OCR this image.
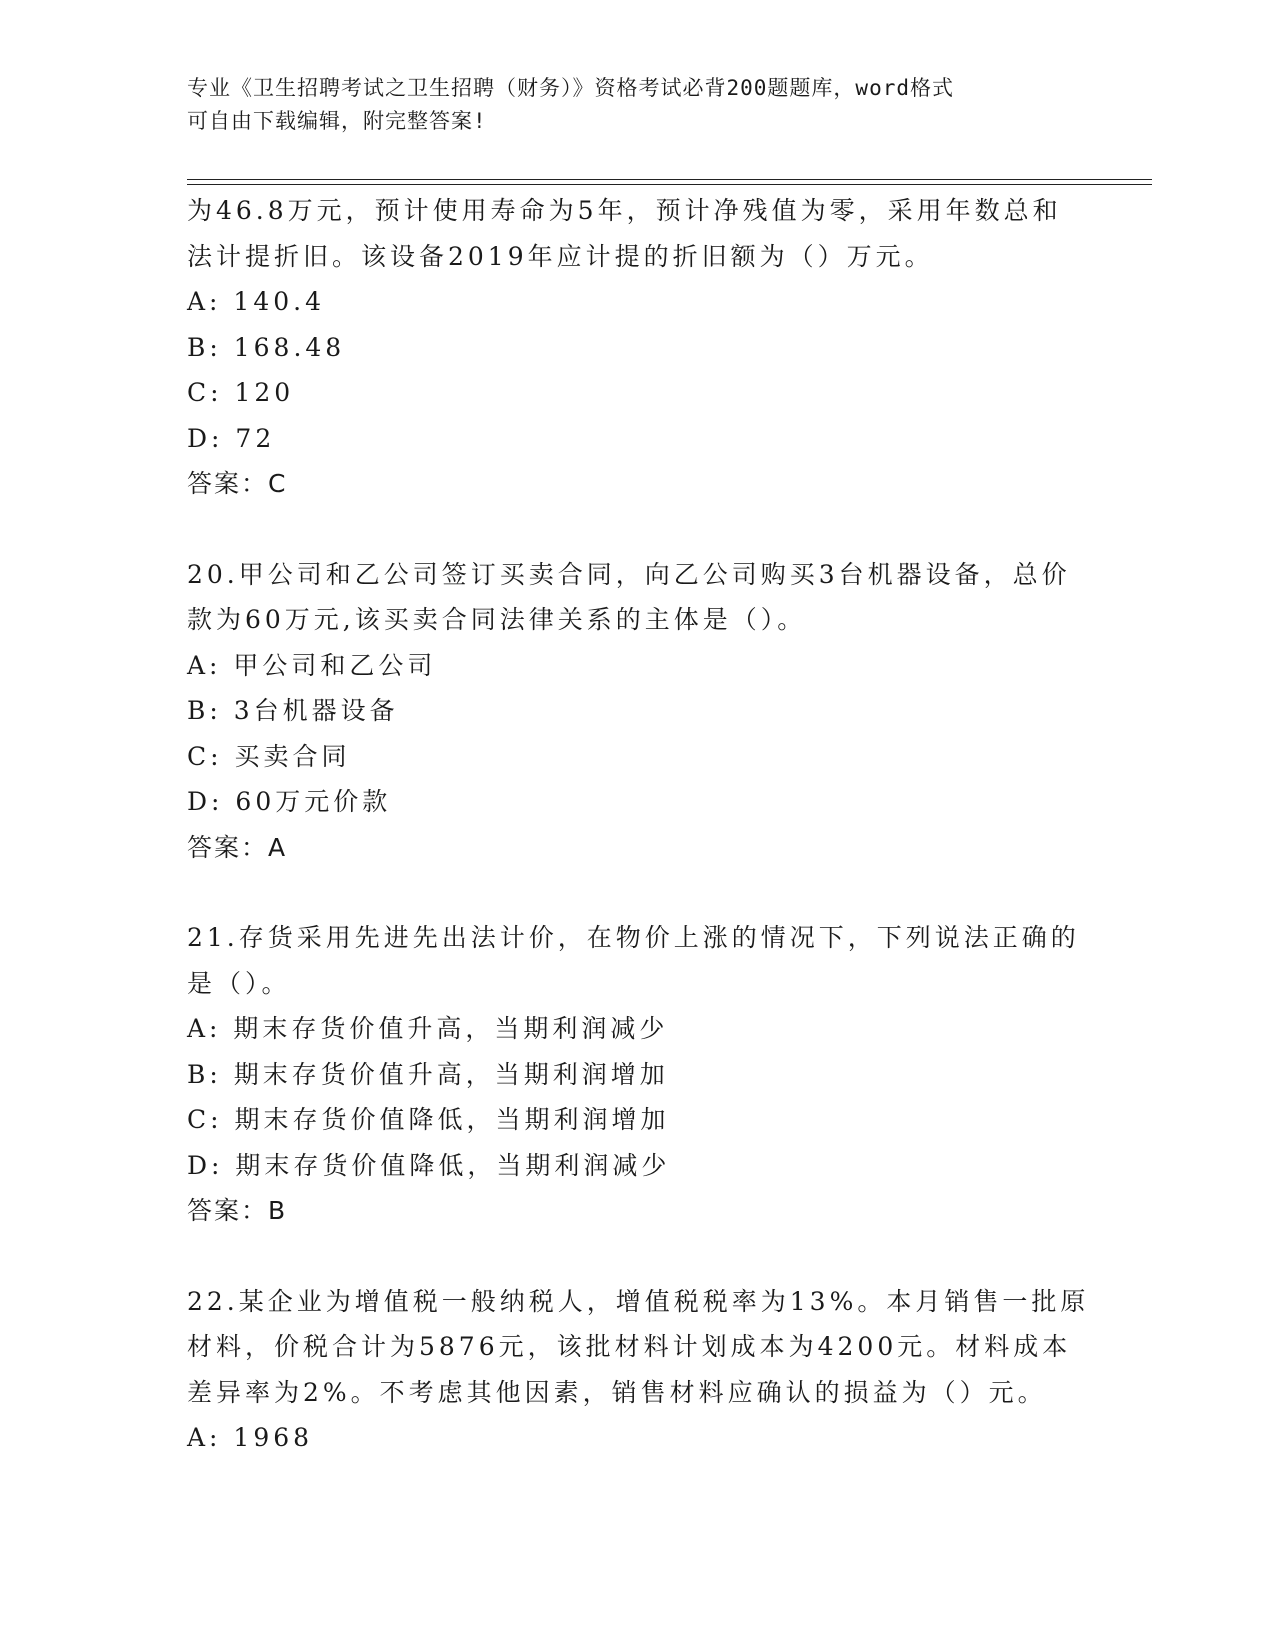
专业《卫生招聘考试之卫生招聘（财务）》资格考试必背200题题库，word格式
可自由下载编辑，附完整答案!
为46.8万元，预计使用寿命为5年，预计净残值为零，采用年数总和
法计提折旧。该设备2019年应计提的折旧额为（）万元。
A: 140.4
B: 168.48
C: 120
D: 72
答案：C
20.甲公司和乙公司签订买卖合同，向乙公司购买3台机器设备，总价
款为60万元,该买卖合同法律关系的主体是（）。
A: 甲公司和乙公司
B: 3台机器设备
C: 买卖合同
D: 60万元价款
答案：A
21.存货采用先进先出法计价，在物价上涨的情况下，下列说法正确的
是（）。
A: 期末存货价值升高，当期利润减少
B: 期末存货价值升高，当期利润增加
C: 期末存货价值降低，当期利润增加
D: 期末存货价值降低，当期利润减少
答案：B
22.某企业为增值税一般纳税人，增值税税率为13%。本月销售一批原
材料，价税合计为5876元，该批材料计划成本为4200元。材料成本
差异率为2%。不考虑其他因素，销售材料应确认的损益为（）元。
A: 1968
